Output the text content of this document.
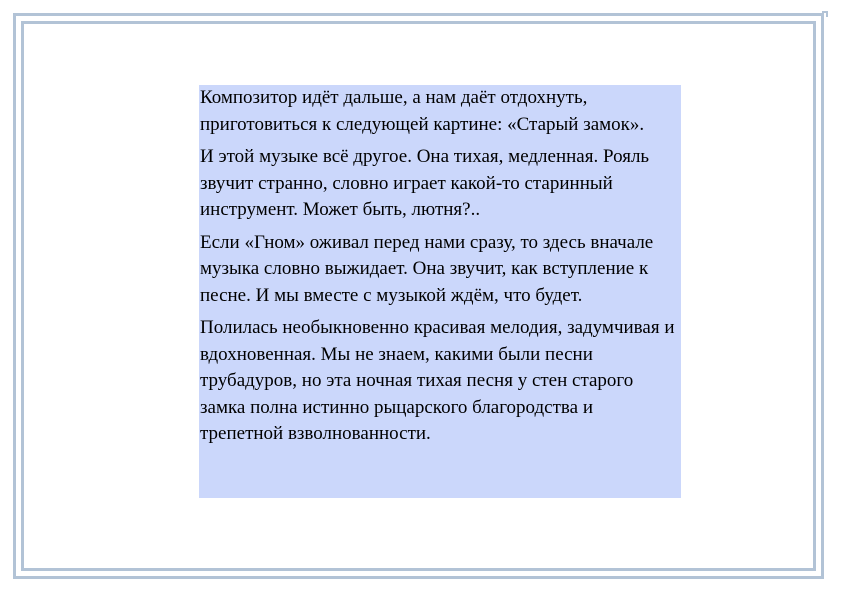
Композитор идёт дальше, а нам даёт отдохнуть, приготовиться к следующей картине: «Старый замок».

И этой музыке всё другое. Она тихая, медленная. Рояль звучит странно, словно играет какой-то старинный инструмент. Может быть, лютня?..

Если «Гном» оживал перед нами сразу, то здесь вначале музыка словно выжидает. Она звучит, как вступление к песне. И мы вместе с музыкой ждём, что будет.

Полилась необыкновенно красивая мелодия, задумчивая и вдохновенная. Мы не знаем, какими были песни трубадуров, но эта ночная тихая песня у стен старого замка полна истинно рыцарского благородства и трепетной взволнованности.
